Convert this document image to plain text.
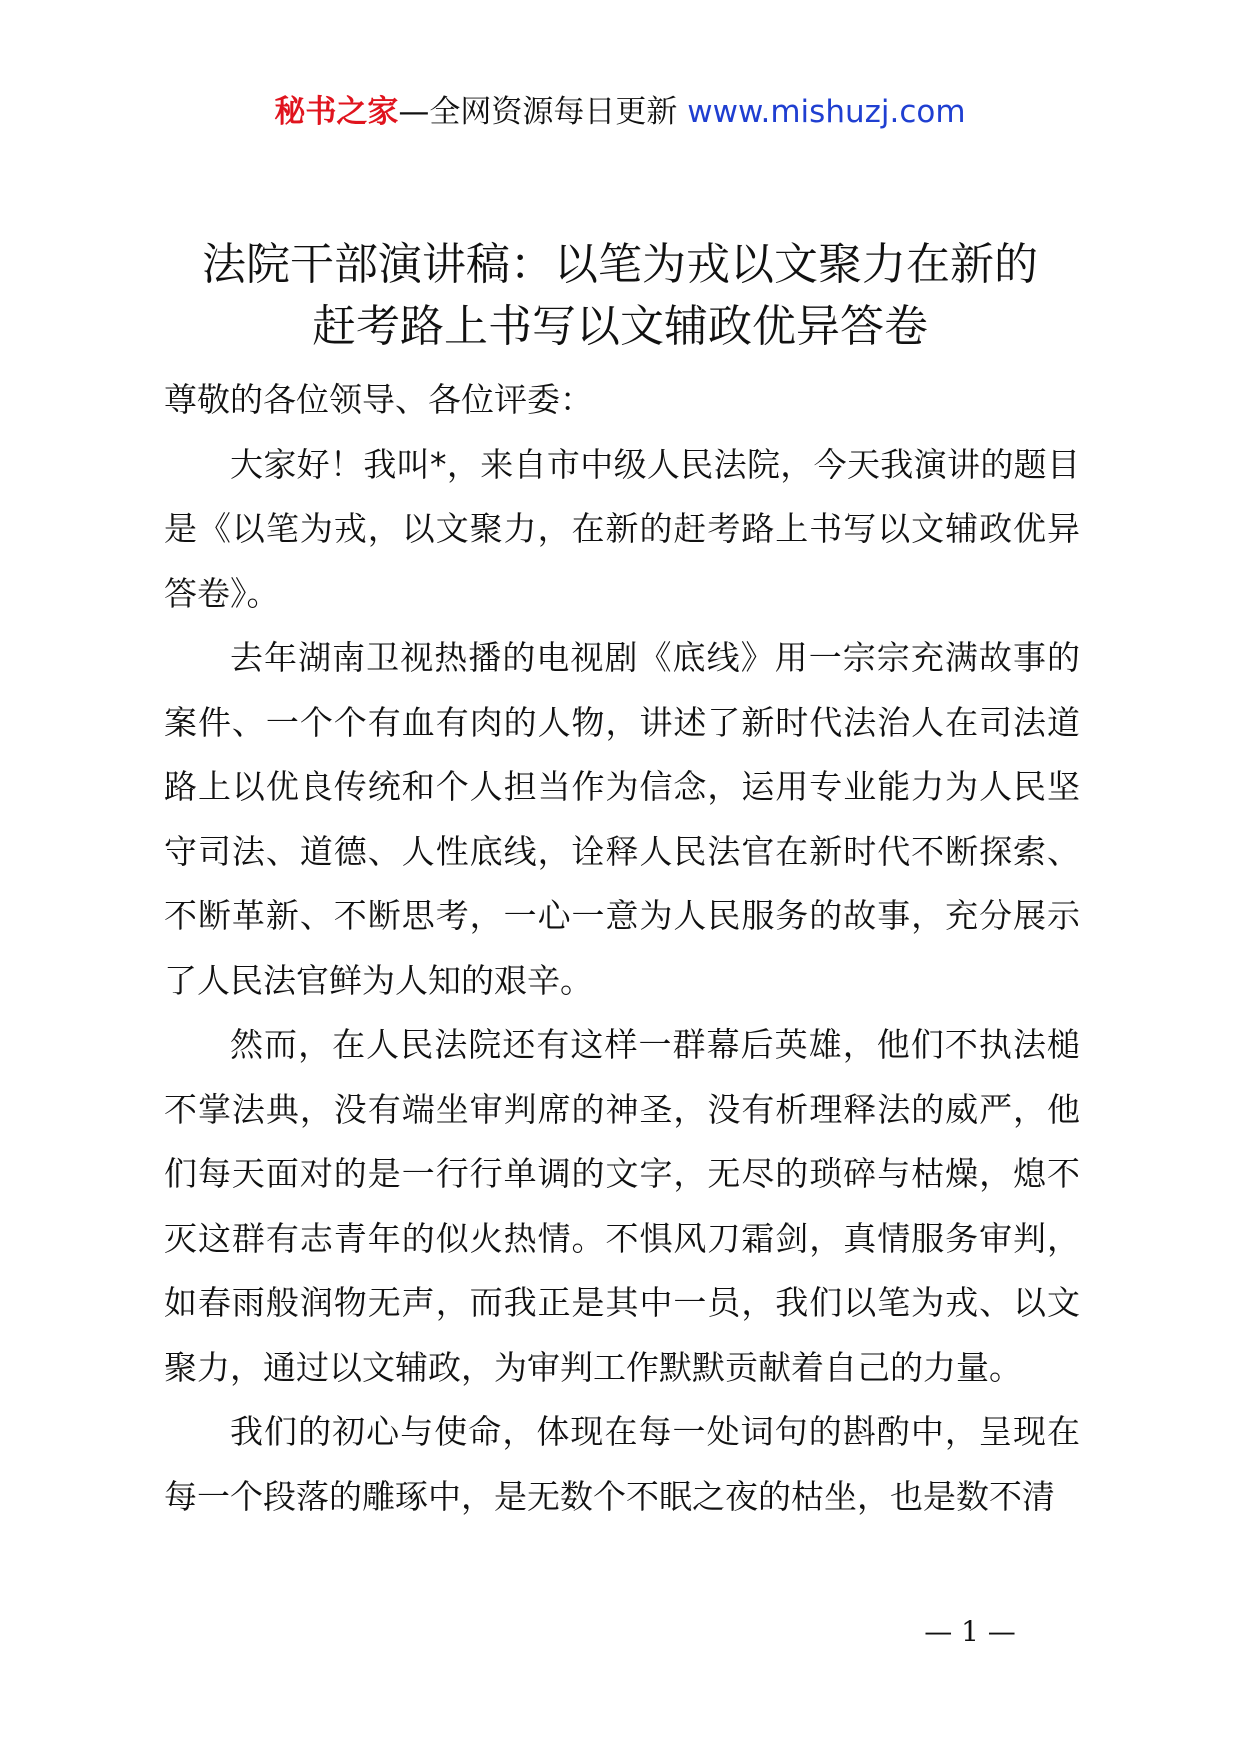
秘书之家—全网资源每日更新 www.mishuzj.com
法院干部演讲稿：以笔为戎以文聚力在新的
赶考路上书写以文辅政优异答卷

尊敬的各位领导、各位评委：

大家好！我叫*，来自市中级人民法院，今天我演讲的题目是《以笔为戎，以文聚力，在新的赶考路上书写以文辅政优异答卷》。

去年湖南卫视热播的电视剧《底线》用一宗宗充满故事的案件、一个个有血有肉的人物，讲述了新时代法治人在司法道路上以优良传统和个人担当作为信念，运用专业能力为人民坚守司法、道德、人性底线，诠释人民法官在新时代不断探索、不断革新、不断思考，一心一意为人民服务的故事，充分展示了人民法官鲜为人知的艰辛。

然而，在人民法院还有这样一群幕后英雄，他们不执法槌不掌法典，没有端坐审判席的神圣，没有析理释法的威严，他们每天面对的是一行行单调的文字，无尽的琐碎与枯燥，熄不灭这群有志青年的似火热情。不惧风刀霜剑，真情服务审判，如春雨般润物无声，而我正是其中一员，我们以笔为戎、以文聚力，通过以文辅政，为审判工作默默贡献着自己的力量。

我们的初心与使命，体现在每一处词句的斟酌中，呈现在每一个段落的雕琢中，是无数个不眠之夜的枯坐，也是数不清

— 1 —
